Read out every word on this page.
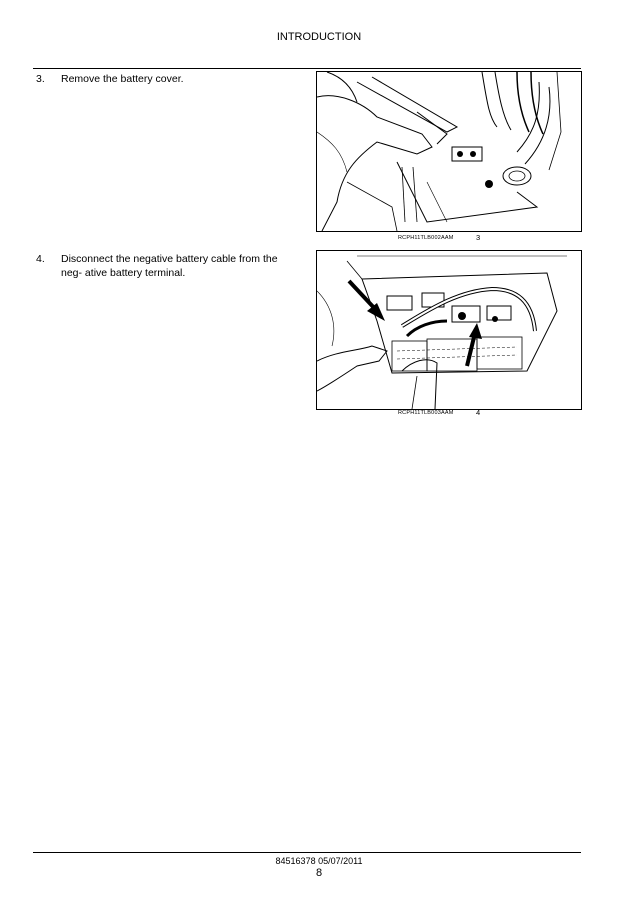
INTRODUCTION
3.	Remove the battery cover.
RCPH11TLB002AAM	3
4.	Disconnect the negative battery cable from the neg- ative battery terminal.
RCPH11TLB003AAM	4
84516378 05/07/2011
8
